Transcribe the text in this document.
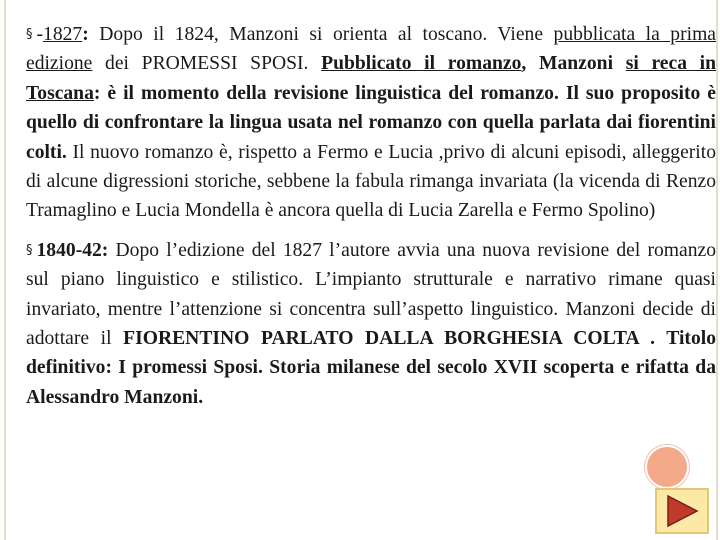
§ -1827: Dopo il 1824, Manzoni si orienta al toscano. Viene pubblicata la prima edizione dei PROMESSI SPOSI. Pubblicato il romanzo, Manzoni si reca in Toscana: è il momento della revisione linguistica del romanzo. Il suo proposito è quello di confrontare la lingua usata nel romanzo con quella parlata dai fiorentini colti. Il nuovo romanzo è, rispetto a Fermo e Lucia ,privo di alcuni episodi, alleggerito di alcune digressioni storiche, sebbene la fabula rimanga invariata (la vicenda di Renzo Tramaglino e Lucia Mondella è ancora quella di Lucia Zarella e Fermo Spolino)

§ 1840-42: Dopo l’edizione del 1827 l’autore avvia una nuova revisione del romanzo sul piano linguistico e stilistico. L’impianto strutturale e narrativo rimane quasi invariato, mentre l’attenzione si concentra sull’aspetto linguistico. Manzoni decide di adottare il FIORENTINO PARLATO DALLA BORGHESIA COLTA . Titolo definitivo: I promessi Sposi. Storia milanese del secolo XVII scoperta e rifatta da Alessandro Manzoni.
